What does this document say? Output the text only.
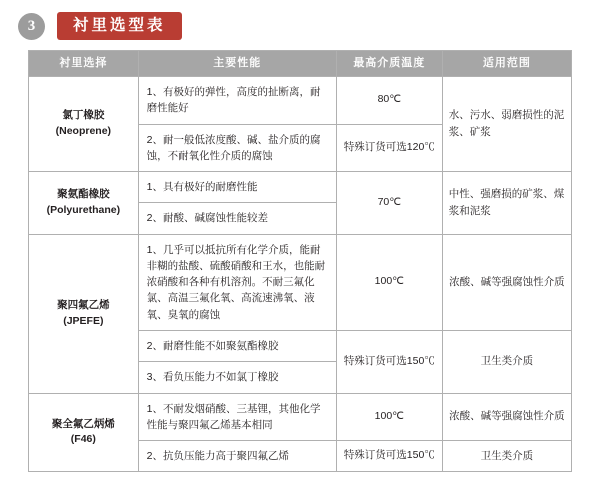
3	衬里选型表
衬里选择	主要性能	最高介质温度	适用范围
氯丁橡胶
(Neoprene)	1、有极好的弹性，高度的扯断离，耐磨性能好	80℃	水、污水、弱磨损性的泥浆、矿浆
	2、耐一般低浓度酸、碱、盐介质的腐蚀，不耐氧化性介质的腐蚀	特殊订货可选120℃	
聚氨酯橡胶
(Polyurethane)	1、具有极好的耐磨性能	70℃	中性、强磨损的矿浆、煤浆和泥浆
	2、耐酸、碱腐蚀性能较差		
聚四氟乙烯
(JPEFE)	1、几乎可以抵抗所有化学介质，能耐非糊的盐酸、硫酸硝酸和王水，也能耐浓硝酸和各种有机溶剂。不耐三氟化氯、高温三氟化氧、高流速沸氧、液氧、臭氧的腐蚀	100℃	浓酸、碱等强腐蚀性介质
	2、耐磨性能不如聚氨酯橡胶	特殊订货可选150℃	卫生类介质
	3、看负压能力不如氯丁橡胶		
聚全氟乙炳烯
(F46)	1、不耐发烟硝酸、三基锂，其他化学性能与聚四氟乙烯基本相同	100℃	浓酸、碱等强腐蚀性介质
	2、抗负压能力高于聚四氟乙烯	特殊订货可选150℃	卫生类介质
